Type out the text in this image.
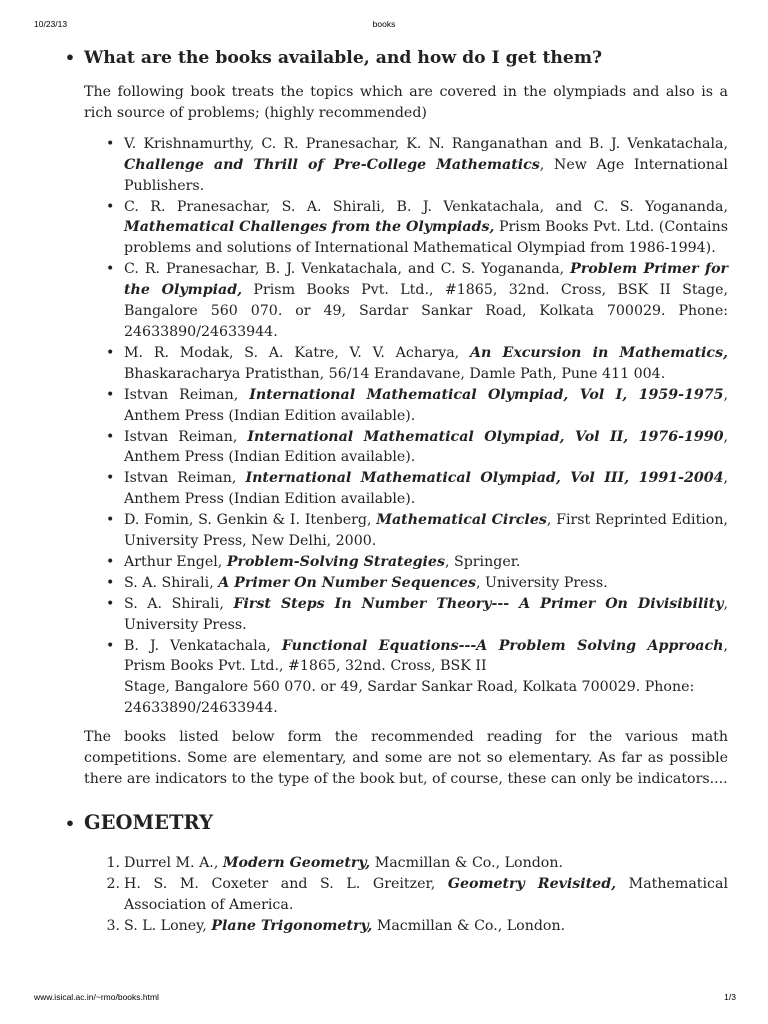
10/23/13	books
• What are the books available, and how do I get them?

The following book treats the topics which are covered in the olympiads and also is a rich source of problems; (highly recommended)

• V. Krishnamurthy, C. R. Pranesachar, K. N. Ranganathan and B. J. Venkatachala, Challenge and Thrill of Pre-College Mathematics, New Age International Publishers.
• C. R. Pranesachar, S. A. Shirali, B. J. Venkatachala, and C. S. Yogananda, Mathematical Challenges from the Olympiads, Prism Books Pvt. Ltd. (Contains problems and solutions of International Mathematical Olympiad from 1986-1994).
• C. R. Pranesachar, B. J. Venkatachala, and C. S. Yogananda, Problem Primer for the Olympiad, Prism Books Pvt. Ltd., #1865, 32nd. Cross, BSK II Stage, Bangalore 560 070. or 49, Sardar Sankar Road, Kolkata 700029. Phone: 24633890/24633944.
• M. R. Modak, S. A. Katre, V. V. Acharya, An Excursion in Mathematics, Bhaskaracharya Pratisthan, 56/14 Erandavane, Damle Path, Pune 411 004.
• Istvan Reiman, International Mathematical Olympiad, Vol I, 1959-1975, Anthem Press (Indian Edition available).
• Istvan Reiman, International Mathematical Olympiad, Vol II, 1976-1990, Anthem Press (Indian Edition available).
• Istvan Reiman, International Mathematical Olympiad, Vol III, 1991-2004, Anthem Press (Indian Edition available).
• D. Fomin, S. Genkin & I. Itenberg, Mathematical Circles, First Reprinted Edition, University Press, New Delhi, 2000.
• Arthur Engel, Problem-Solving Strategies, Springer.
• S. A. Shirali, A Primer On Number Sequences, University Press.
• S. A. Shirali, First Steps In Number Theory--- A Primer On Divisibility, University Press.
• B. J. Venkatachala, Functional Equations---A Problem Solving Approach, Prism Books Pvt. Ltd., #1865, 32nd. Cross, BSK II
Stage, Bangalore 560 070. or 49, Sardar Sankar Road, Kolkata 700029. Phone: 24633890/24633944.

The books listed below form the recommended reading for the various math competitions. Some are elementary, and some are not so elementary. As far as possible there are indicators to the type of the book but, of course, these can only be indicators....

• GEOMETRY
1. Durrel M. A., Modern Geometry, Macmillan & Co., London.
2. H. S. M. Coxeter and S. L. Greitzer, Geometry Revisited, Mathematical Association of America.
3. S. L. Loney, Plane Trigonometry, Macmillan & Co., London.
www.isical.ac.in/~rmo/books.html	1/3
